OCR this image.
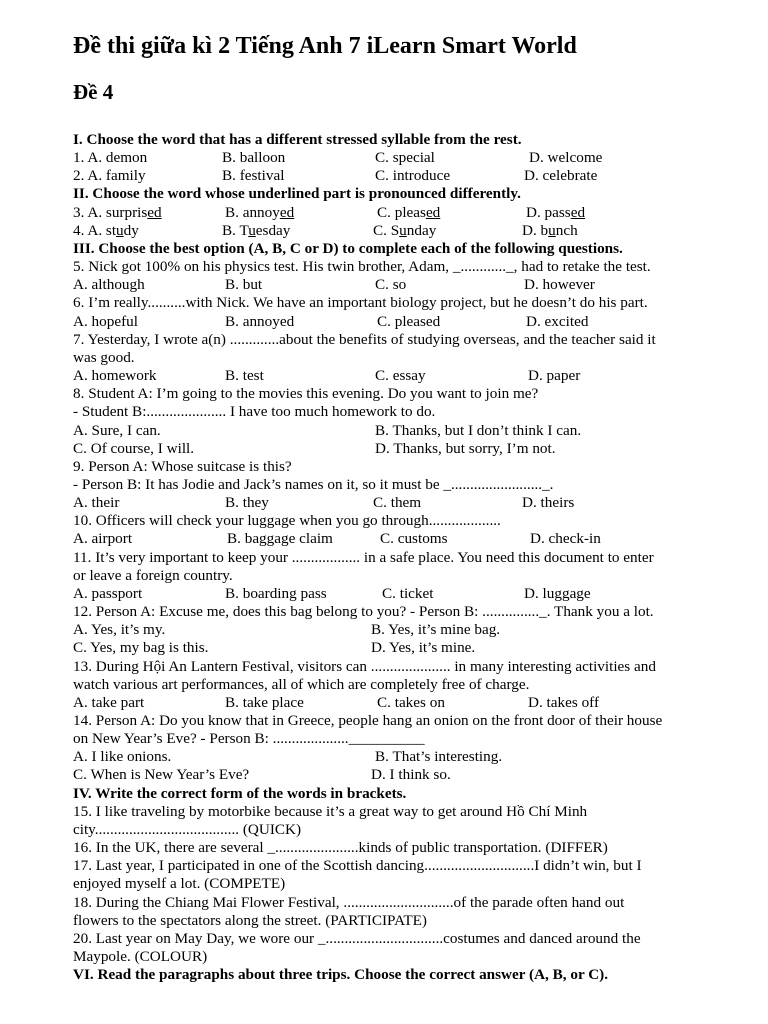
Đề thi giữa kì 2 Tiếng Anh 7 iLearn Smart World
Đề 4
I. Choose the word that has a different stressed syllable from the rest.
1. A. demon	B. balloon	C. special	D. welcome
2. A. family	B. festival	C. introduce	D. celebrate
II. Choose the word whose underlined part is pronounced differently.
3. A. surprised	B. annoyed	C. pleased	D. passed
4. A. study	B. Tuesday	C. Sunday	D. bunch
III. Choose the best option (A, B, C or D) to complete each of the following questions.
5. Nick got 100% on his physics test. His twin brother, Adam, _............_, had to retake the test.
A. although	B. but	C. so	D. however
6. I’m really..........with Nick. We have an important biology project, but he doesn’t do his part.
A. hopeful	B. annoyed	C. pleased	D. excited
7. Yesterday, I wrote a(n) .............about the benefits of studying overseas, and the teacher said it
was good.
A. homework	B. test	C. essay	D. paper
8. Student A: I’m going to the movies this evening. Do you want to join me?
- Student B:..................... I have too much homework to do.
A. Sure, I can.	B. Thanks, but I don’t think I can.
C. Of course, I will.	D. Thanks, but sorry, I’m not.
9. Person A: Whose suitcase is this?
- Person B: It has Jodie and Jack’s names on it, so it must be _........................_.
A. their	B. they	C. them	D. theirs
10. Officers will check your luggage when you go through...................
A. airport	B. baggage claim	C. customs	D. check-in
11. It’s very important to keep your .................. in a safe place. You need this document to enter
or leave a foreign country.
A. passport	B. boarding pass	C. ticket	D. luggage
12. Person A: Excuse me, does this bag belong to you? - Person B: ..............._. Thank you a lot.
A. Yes, it’s my.	B. Yes, it’s mine bag.
C. Yes, my bag is this.	D. Yes, it’s mine.
13. During Hội An Lantern Festival, visitors can ..................... in many interesting activities and
watch various art performances, all of which are completely free of charge.
A. take part	B. take place	C. takes on	D. takes off
14. Person A: Do you know that in Greece, people hang an onion on the front door of their house
on New Year’s Eve? - Person B: ....................__________
A. I like onions.	B. That’s interesting.
C. When is New Year’s Eve?	D. I think so.
IV. Write the correct form of the words in brackets.
15. I like traveling by motorbike because it’s a great way to get around Hồ Chí Minh
city...................................... (QUICK)
16. In the UK, there are several _......................kinds of public transportation. (DIFFER)
17. Last year, I participated in one of the Scottish dancing.............................I didn’t win, but I
enjoyed myself a lot. (COMPETE)
18. During the Chiang Mai Flower Festival, .............................of the parade often hand out
flowers to the spectators along the street. (PARTICIPATE)
20. Last year on May Day, we wore our _...............................costumes and danced around the
Maypole. (COLOUR)
VI. Read the paragraphs about three trips. Choose the correct answer (A, B, or C).
